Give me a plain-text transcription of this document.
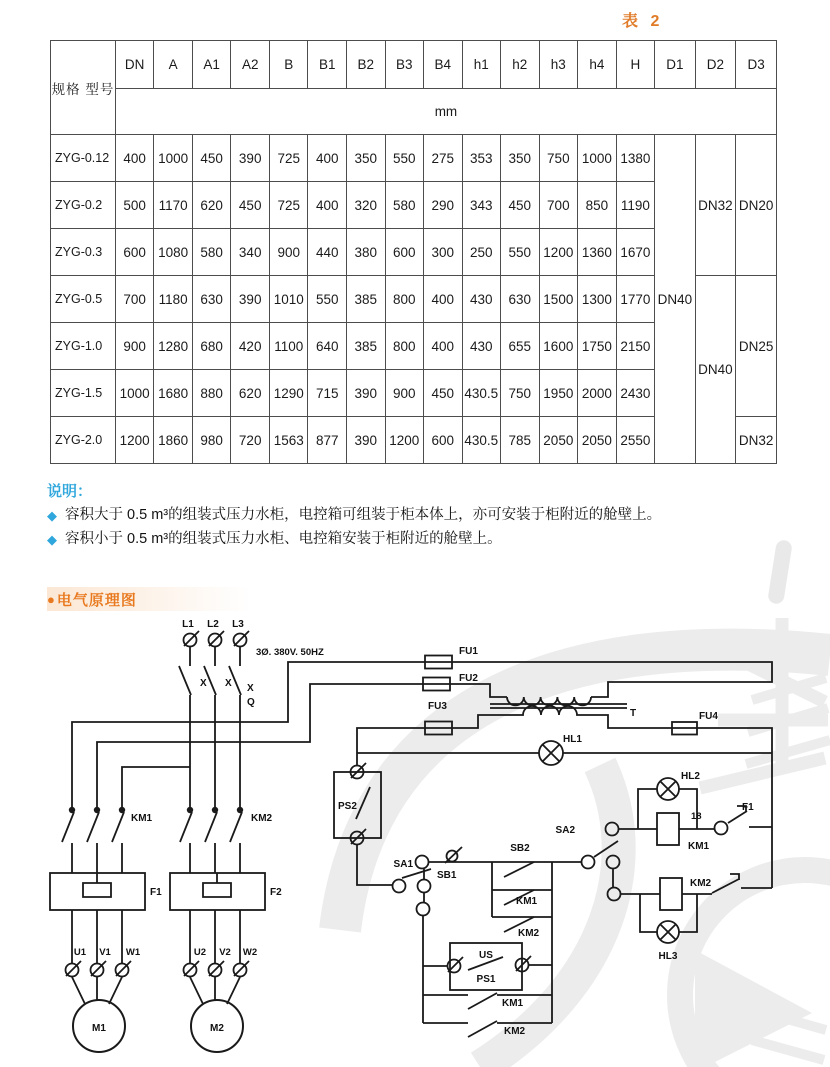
表 2
规格 型号	DN	A	A1	A2	B	B1	B2	B3	B4	h1	h2	h3	h4	H	D1	D2	D3
	mm																
ZYG-0.12	400	1000	450	390	725	400	350	550	275	353	350	750	1000	1380	DN40	DN32	DN20
ZYG-0.2	500	1170	620	450	725	400	320	580	290	343	450	700	850	1190			
ZYG-0.3	600	1080	580	340	900	440	380	600	300	250	550	1200	1360	1670			
ZYG-0.5	700	1180	630	390	1010	550	385	800	400	430	630	1500	1300	1770		DN40	DN25
ZYG-1.0	900	1280	680	420	1100	640	385	800	400	430	655	1600	1750	2150			
ZYG-1.5	1000	1680	880	620	1290	715	390	900	450	430.5	750	1950	2000	2430			
ZYG-2.0	1200	1860	980	720	1563	877	390	1200	600	430.5	785	2050	2050	2550			DN32
说明：
◆ 容积大于 0.5 m³的组装式压力水柜，电控箱可组装于柜本体上，亦可安装于柜附近的舱壁上。
◆ 容积小于 0.5 m³的组装式压力水柜、电控箱安装于柜附近的舱壁上。
● 电气原理图
L1 L2 L3
3Ø. 380V. 50HZ
X X X
Q
FU1
FU2
FU3
FU4
T
HL1
HL2
HL3
PS2
SA1
SB1
SB2
SA2
KM1
KM2
US
PS1
KM1
KM2
18
F1
KM1
KM2
KM1	KM2
F1	F2
U1 V1 W1	U2 V2 W2
M1	M2
